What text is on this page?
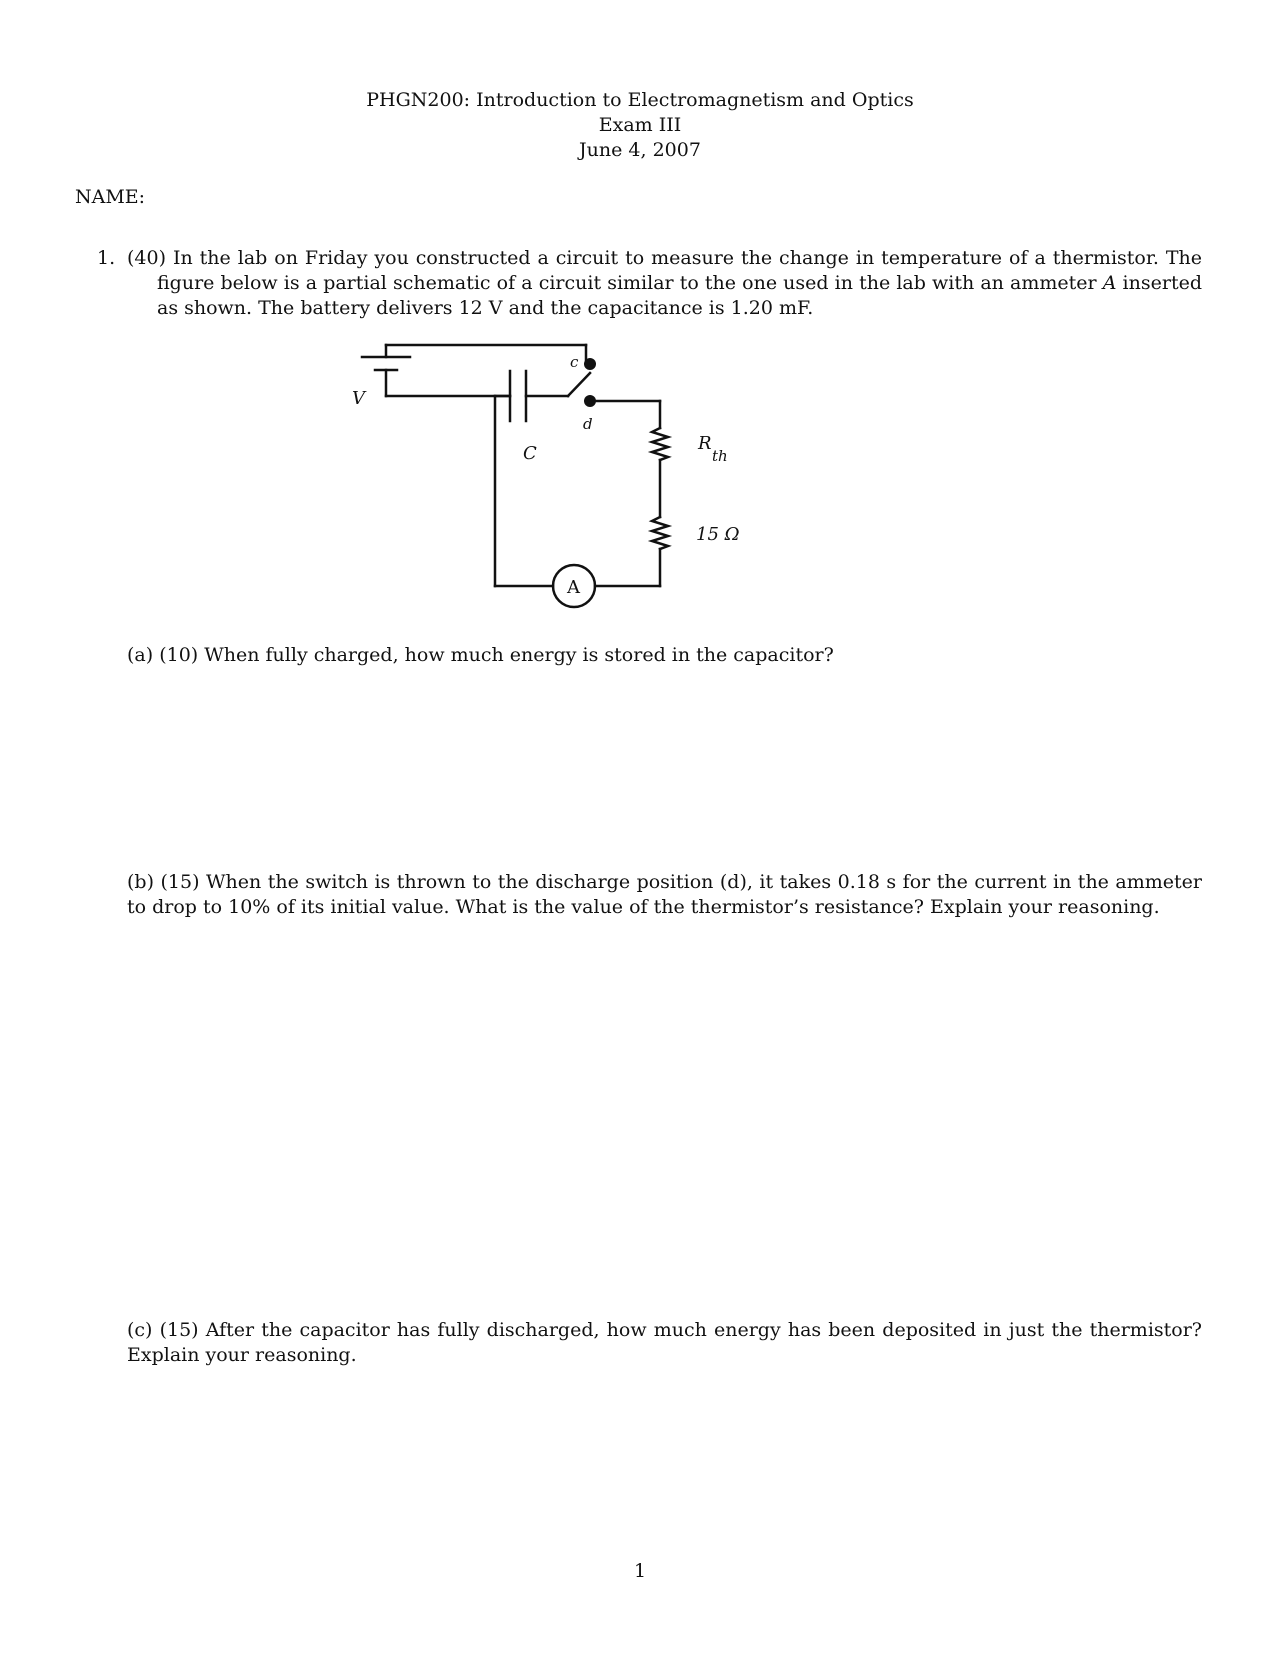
PHGN200: Introduction to Electromagnetism and Optics
Exam III
June 4, 2007
NAME:
1. (40) In the lab on Friday you constructed a circuit to measure the change in temperature of a thermistor. The figure below is a partial schematic of a circuit similar to the one used in the lab with an ammeter A inserted as shown. The battery delivers 12 V and the capacitance is 1.20 mF.
V
C
c
d
R
th
15 Ω
A
(a) (10) When fully charged, how much energy is stored in the capacitor?
(b) (15) When the switch is thrown to the discharge position (d), it takes 0.18 s for the current in the ammeter to drop to 10% of its initial value. What is the value of the thermistor’s resistance? Explain your reasoning.
(c) (15) After the capacitor has fully discharged, how much energy has been deposited in just the thermistor? Explain your reasoning.
1
